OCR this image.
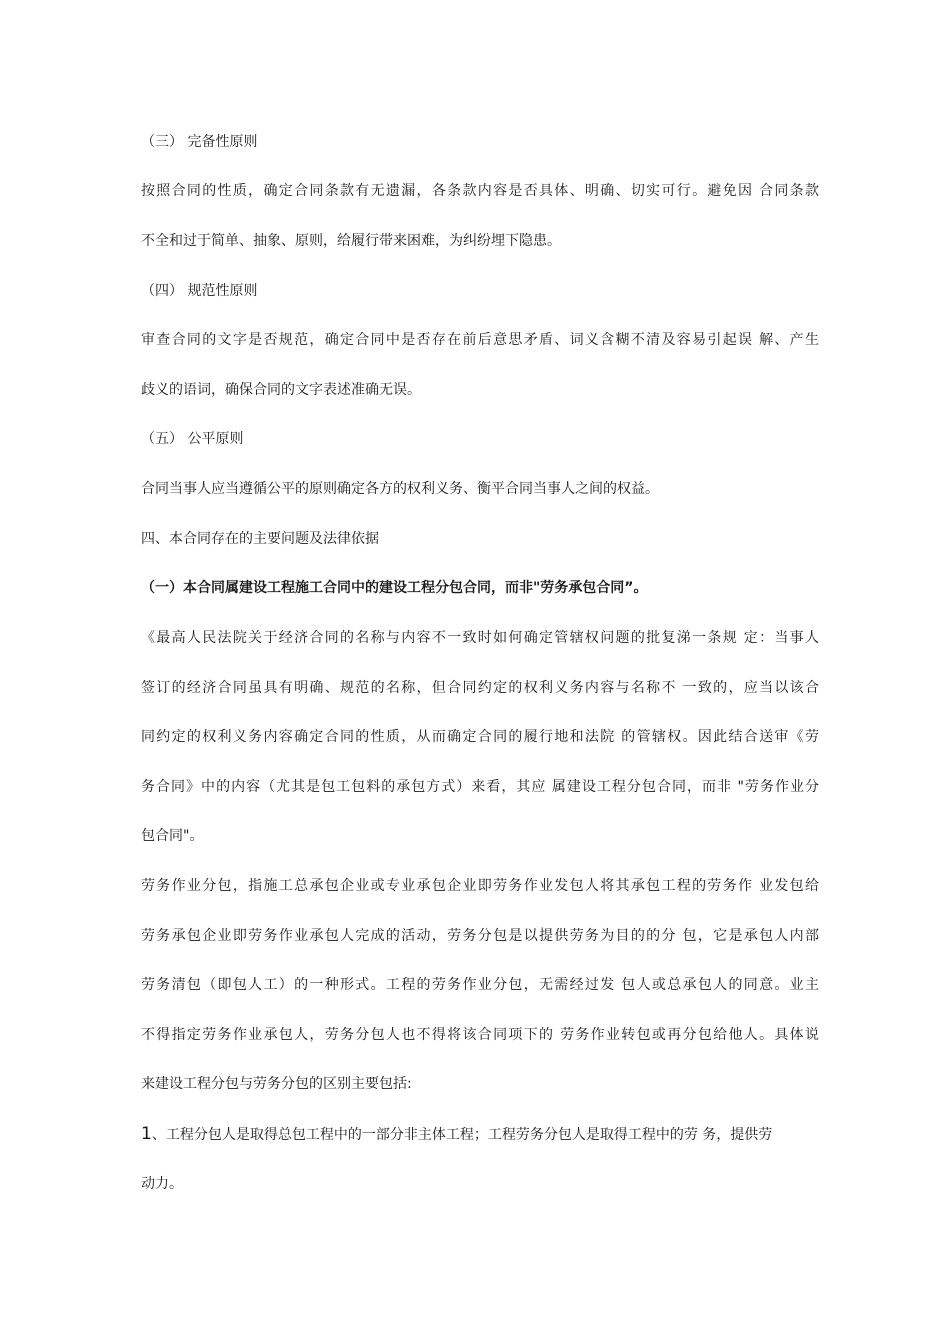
（三） 完备性原则
按照合同的性质，确定合同条款有无遗漏，各条款内容是否具体、明确、切实可行。避免因 合同条款
不全和过于简单、抽象、原则，给履行带来困难，为纠纷埋下隐患。
（四） 规范性原则
审查合同的文字是否规范，确定合同中是否存在前后意思矛盾、词义含糊不清及容易引起误 解、产生
歧义的语词，确保合同的文字表述准确无误。
（五） 公平原则
合同当事人应当遵循公平的原则确定各方的权利义务、衡平合同当事人之间的权益。
四、本合同存在的主要问题及法律依据
（一）本合同属建设工程施工合同中的建设工程分包合同，而非"劳务承包合同”。
《最高人民法院关于经济合同的名称与内容不一致时如何确定管辖权问题的批复涕一条规 定：当事人
签订的经济合同虽具有明确、规范的名称，但合同约定的权利义务内容与名称不 一致的，应当以该合
同约定的权利义务内容确定合同的性质，从而确定合同的履行地和法院 的管辖权。因此结合送审《劳
务合同》中的内容（尤其是包工包料的承包方式）来看，其应 属建设工程分包合同，而非 "劳务作业分
包合同"。
劳务作业分包，指施工总承包企业或专业承包企业即劳务作业发包人将其承包工程的劳务作 业发包给
劳务承包企业即劳务作业承包人完成的活动，劳务分包是以提供劳务为目的的分 包，它是承包人内部
劳务清包（即包人工）的一种形式。工程的劳务作业分包，无需经过发 包人或总承包人的同意。业主
不得指定劳务作业承包人，劳务分包人也不得将该合同项下的 劳务作业转包或再分包给他人。具体说
来建设工程分包与劳务分包的区别主要包括:
1、工程分包人是取得总包工程中的一部分非主体工程；工程劳务分包人是取得工程中的劳 务，提供劳
动力。
